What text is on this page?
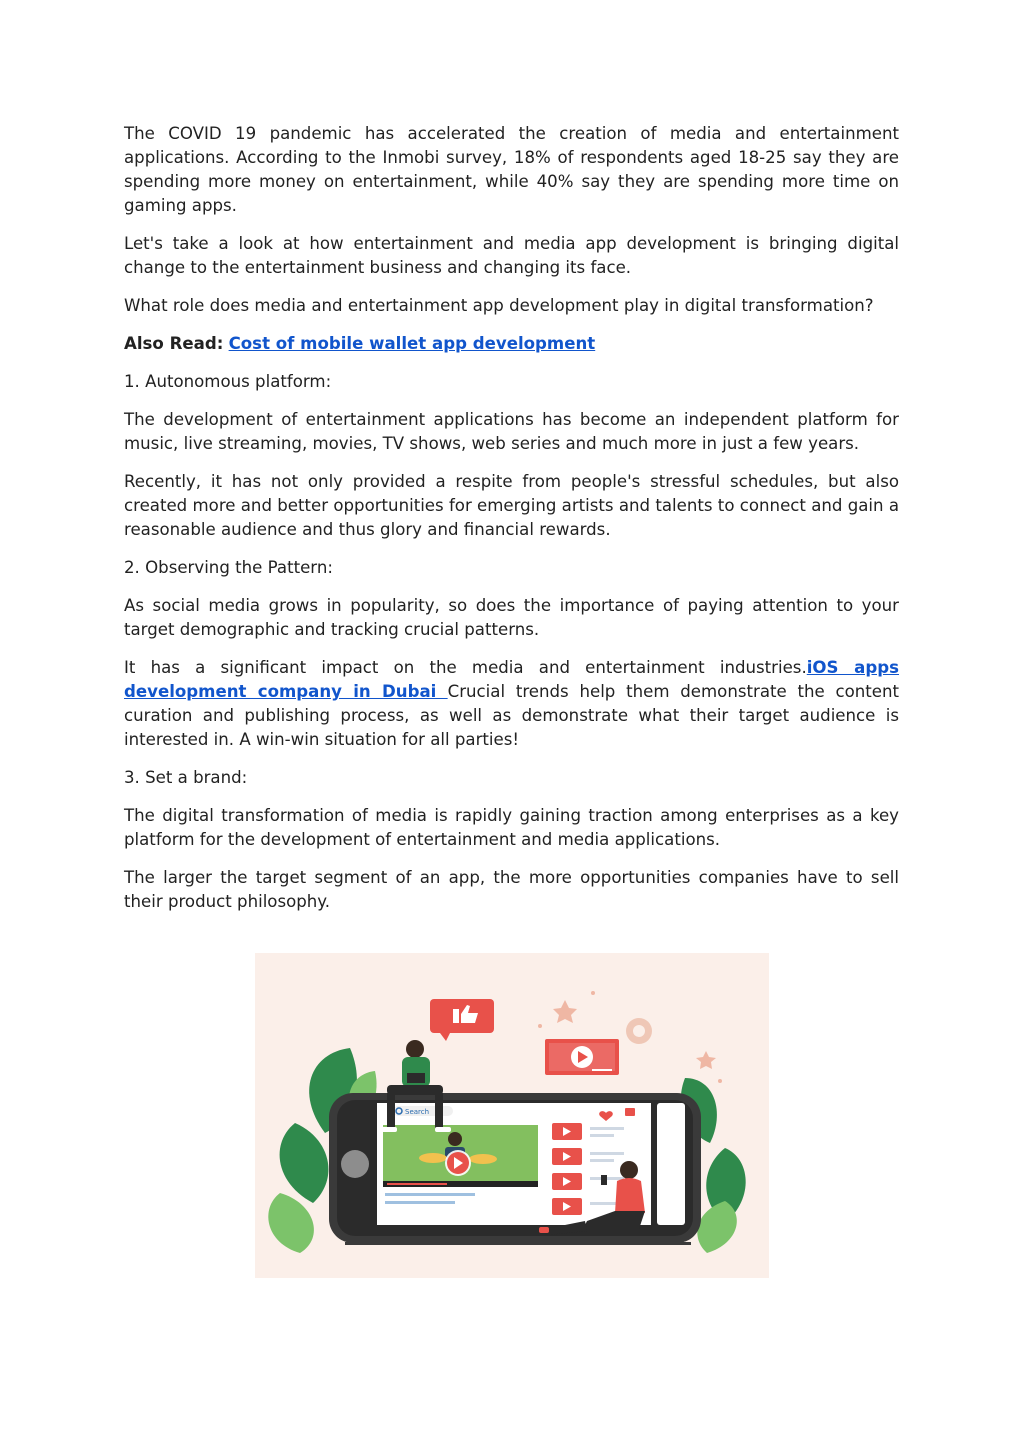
The COVID 19 pandemic has accelerated the creation of media and entertainment applications. According to the Inmobi survey, 18% of respondents aged 18-25 say they are spending more money on entertainment, while 40% say they are spending more time on gaming apps.

Let's take a look at how entertainment and media app development is bringing digital change to the entertainment business and changing its face.

What role does media and entertainment app development play in digital transformation?

Also Read: Cost of mobile wallet app development

1. Autonomous platform:

The development of entertainment applications has become an independent platform for music, live streaming, movies, TV shows, web series and much more in just a few years.

Recently, it has not only provided a respite from people's stressful schedules, but also created more and better opportunities for emerging artists and talents to connect and gain a reasonable audience and thus glory and financial rewards.

2. Observing the Pattern:

As social media grows in popularity, so does the importance of paying attention to your target demographic and tracking crucial patterns.

It has a significant impact on the media and entertainment industries.iOS apps development company in Dubai Crucial trends help them demonstrate the content curation and publishing process, as well as demonstrate what their target audience is interested in. A win-win situation for all parties!

3. Set a brand:

The digital transformation of media is rapidly gaining traction among enterprises as a key platform for the development of entertainment and media applications.

The larger the target segment of an app, the more opportunities companies have to sell their product philosophy.

Search
